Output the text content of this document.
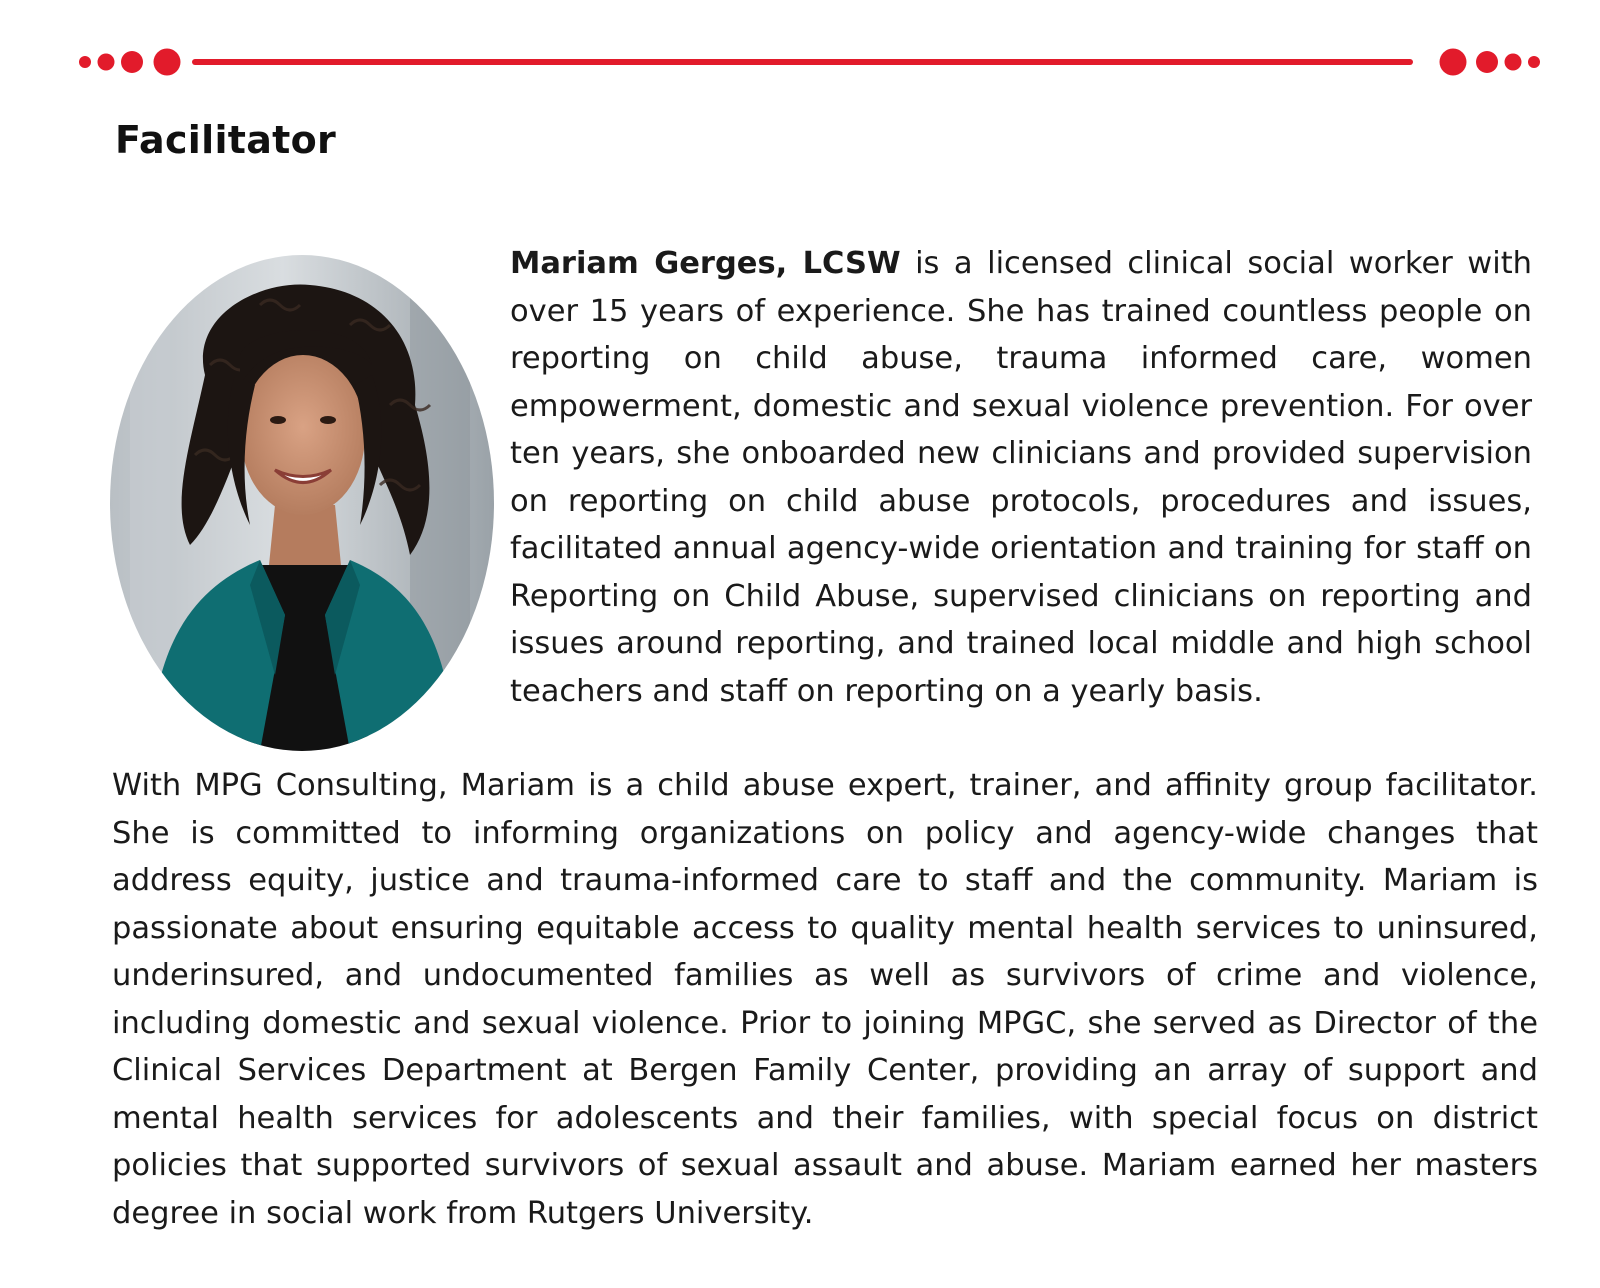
Facilitator

Mariam Gerges, LCSW is a licensed clinical social worker with over 15 years of experience. She has trained countless people on reporting on child abuse, trauma informed care, women empowerment, domestic and sexual violence prevention. For over ten years, she onboarded new clinicians and provided supervision on reporting on child abuse protocols, procedures and issues, facilitated annual agency-wide orientation and training for staff on Reporting on Child Abuse, supervised clinicians on reporting and issues around reporting, and trained local middle and high school teachers and staff on reporting on a yearly basis.

With MPG Consulting, Mariam is a child abuse expert, trainer, and affinity group facilitator. She is committed to informing organizations on policy and agency-wide changes that address equity, justice and trauma-informed care to staff and the community. Mariam is passionate about ensuring equitable access to quality mental health services to uninsured, underinsured, and undocumented families as well as survivors of crime and violence, including domestic and sexual violence. Prior to joining MPGC, she served as Director of the Clinical Services Department at Bergen Family Center, providing an array of support and mental health services for adolescents and their families, with special focus on district policies that supported survivors of sexual assault and abuse. Mariam earned her masters degree in social work from Rutgers University.
